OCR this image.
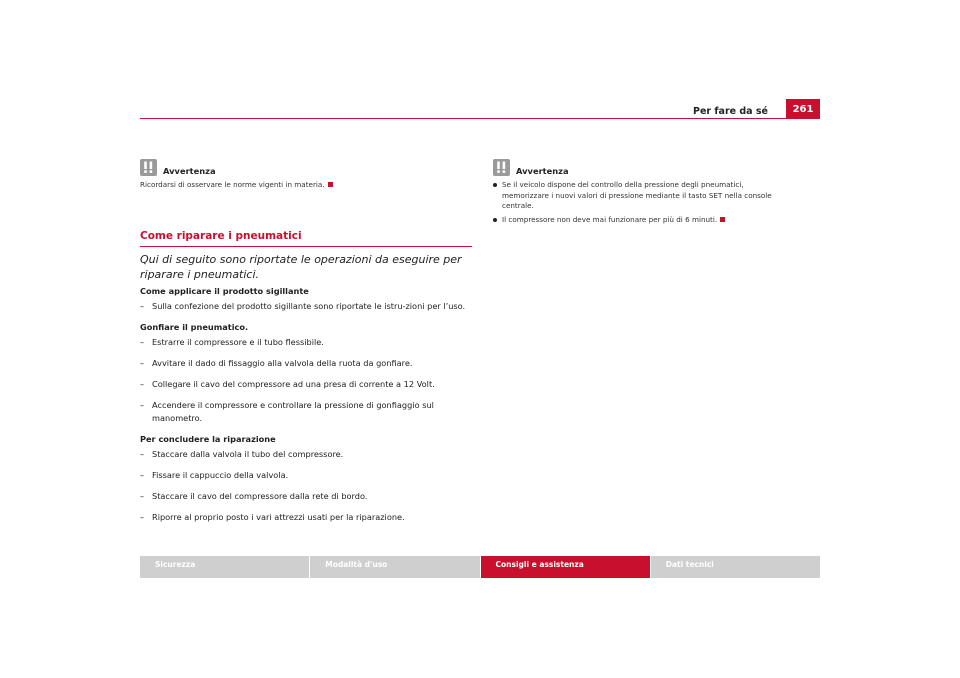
Per fare da sé	261
Avvertenza
Ricordarsi di osservare le norme vigenti in materia.
Come riparare i pneumatici
Qui di seguito sono riportate le operazioni da eseguire per riparare i pneumatici.
Come applicare il prodotto sigillante
– Sulla confezione del prodotto sigillante sono riportate le istru-zioni per l’uso.
Gonfiare il pneumatico.
– Estrarre il compressore e il tubo flessibile.
– Avvitare il dado di fissaggio alla valvola della ruota da gonfiare.
– Collegare il cavo del compressore ad una presa di corrente a 12 Volt.
– Accendere il compressore e controllare la pressione di gonfiaggio sul manometro.
Per concludere la riparazione
– Staccare dalla valvola il tubo del compressore.
– Fissare il cappuccio della valvola.
– Staccare il cavo del compressore dalla rete di bordo.
– Riporre al proprio posto i vari attrezzi usati per la riparazione.
Avvertenza
Se il veicolo dispone del controllo della pressione degli pneumatici, memorizzare i nuovi valori di pressione mediante il tasto SET nella console centrale.
Il compressore non deve mai funzionare per più di 6 minuti.
Sicurezza	Modalità d'uso	Consigli e assistenza	Dati tecnici
